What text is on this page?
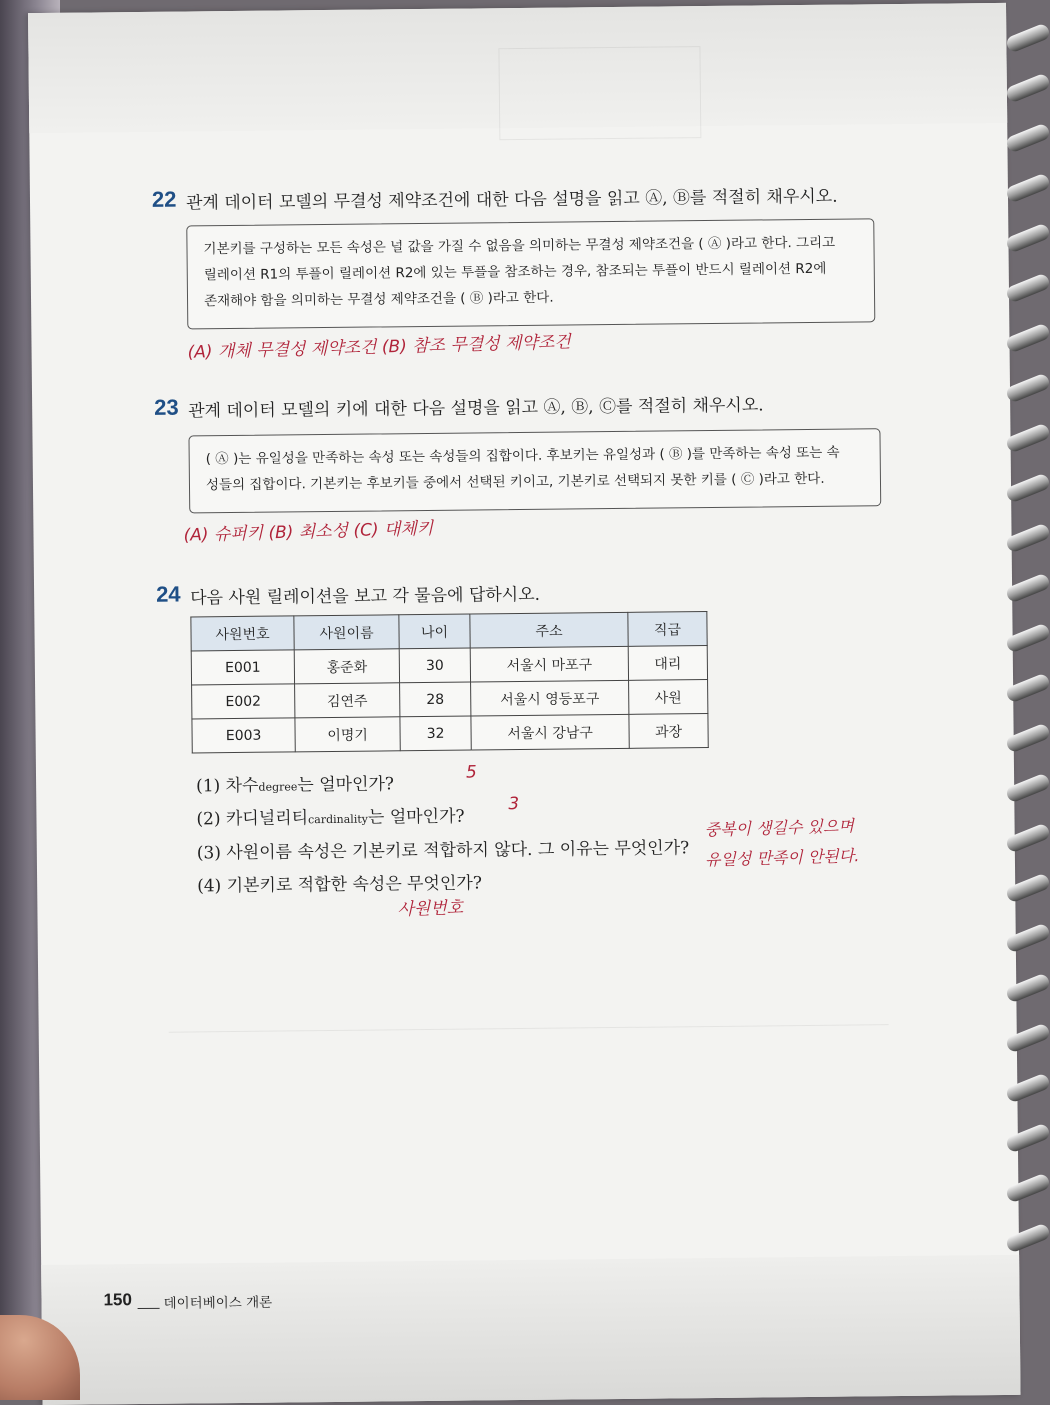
22 관계 데이터 모델의 무결성 제약조건에 대한 다음 설명을 읽고 Ⓐ, Ⓑ를 적절히 채우시오.
기본키를 구성하는 모든 속성은 널 값을 가질 수 없음을 의미하는 무결성 제약조건을 ( Ⓐ )라고 한다. 그리고
릴레이션 R1의 투플이 릴레이션 R2에 있는 투플을 참조하는 경우, 참조되는 투플이 반드시 릴레이션 R2에
존재해야 함을 의미하는 무결성 제약조건을 ( Ⓑ )라고 한다.
(A) 개체 무결성 제약조건 (B) 참조 무결성 제약조건
23 관계 데이터 모델의 키에 대한 다음 설명을 읽고 Ⓐ, Ⓑ, Ⓒ를 적절히 채우시오.
( Ⓐ )는 유일성을 만족하는 속성 또는 속성들의 집합이다. 후보키는 유일성과 ( Ⓑ )를 만족하는 속성 또는 속
성들의 집합이다. 기본키는 후보키들 중에서 선택된 키이고, 기본키로 선택되지 못한 키를 ( Ⓒ )라고 한다.
(A) 슈퍼키 (B) 최소성 (C) 대체키
24 다음 사원 릴레이션을 보고 각 물음에 답하시오.
사원번호	사원이름	나이	주소	직급
E001	홍준화	30	서울시 마포구	대리
E002	김연주	28	서울시 영등포구	사원
E003	이명기	32	서울시 강남구	과장
(1) 차수degree는 얼마인가?
5
(2) 카디널리티cardinality는 얼마인가?
3
(3) 사원이름 속성은 기본키로 적합하지 않다. 그 이유는 무엇인가?
중복이 생길수 있으며
유일성 만족이 안된다.
(4) 기본키로 적합한 속성은 무엇인가?
사원번호
150 데이터베이스 개론
